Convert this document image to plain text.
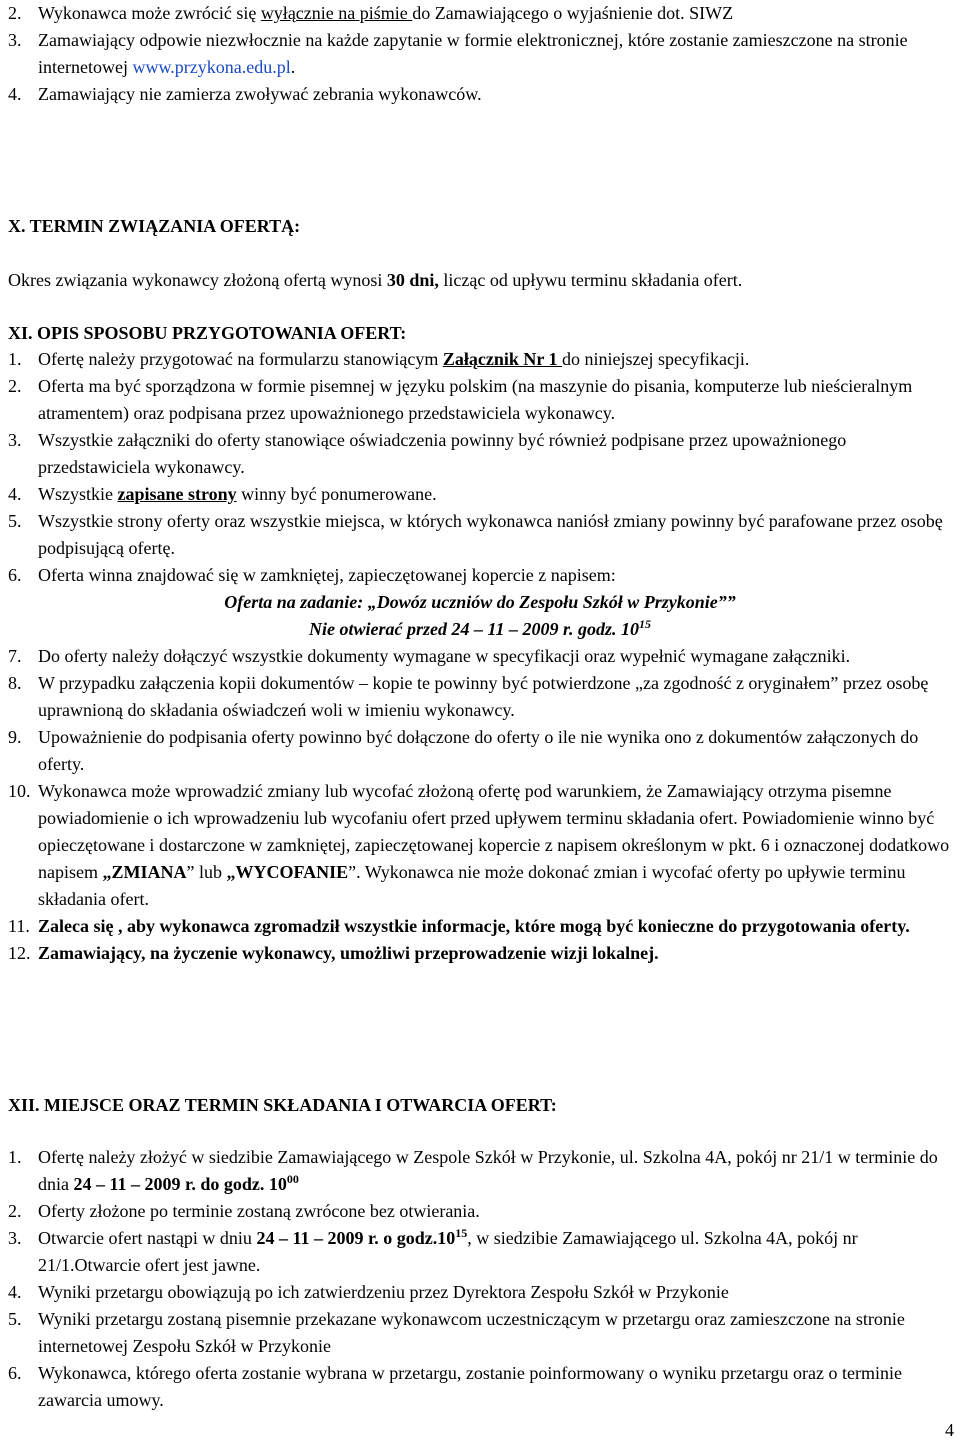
2. Wykonawca może zwrócić się wyłącznie na piśmie do Zamawiającego o wyjaśnienie dot. SIWZ
3. Zamawiający odpowie niezwłocznie na każde zapytanie w formie elektronicznej, które zostanie zamieszczone na stronie internetowej www.przykona.edu.pl.
4. Zamawiający nie zamierza zwoływać zebrania wykonawców.
X. TERMIN ZWIĄZANIA OFERTĄ:
Okres związania wykonawcy złożoną ofertą wynosi 30 dni, licząc od upływu terminu składania ofert.
XI. OPIS SPOSOBU PRZYGOTOWANIA OFERT:
1. Ofertę należy przygotować na formularzu stanowiącym Załącznik Nr 1 do niniejszej specyfikacji.
2. Oferta ma być sporządzona w formie pisemnej w języku polskim (na maszynie do pisania, komputerze lub nieścieralnym atramentem) oraz podpisana przez upoważnionego przedstawiciela wykonawcy.
3. Wszystkie załączniki do oferty stanowiące oświadczenia powinny być również podpisane przez upoważnionego przedstawiciela wykonawcy.
4. Wszystkie zapisane strony winny być ponumerowane.
5. Wszystkie strony oferty oraz wszystkie miejsca, w których wykonawca naniósł zmiany powinny być parafowane przez osobę podpisującą ofertę.
6. Oferta winna znajdować się w zamkniętej, zapieczętowanej kopercie z napisem:
Oferta na zadanie: „Dowóz uczniów do Zespołu Szkół w Przykonie””
Nie otwierać przed 24 – 11 – 2009 r. godz. $10^{15}$
7. Do oferty należy dołączyć wszystkie dokumenty wymagane w specyfikacji oraz wypełnić wymagane załączniki.
8. W przypadku załączenia kopii dokumentów – kopie te powinny być potwierdzone „za zgodność z oryginałem” przez osobę uprawnioną do składania oświadczeń woli w imieniu wykonawcy.
9. Upoważnienie do podpisania oferty powinno być dołączone do oferty o ile nie wynika ono z dokumentów załączonych do oferty.
10. Wykonawca może wprowadzić zmiany lub wycofać złożoną ofertę pod warunkiem, że Zamawiający otrzyma pisemne powiadomienie o ich wprowadzeniu lub wycofaniu ofert przed upływem terminu składania ofert. Powiadomienie winno być opieczętowane i dostarczone w zamkniętej, zapieczętowanej kopercie z napisem określonym w pkt. 6 i oznaczonej dodatkowo napisem „ZMIANA” lub „WYCOFANIE”. Wykonawca nie może dokonać zmian i wycofać oferty po upływie terminu składania ofert.
11. Zaleca się , aby wykonawca zgromadził wszystkie informacje, które mogą być konieczne do przygotowania oferty.
12. Zamawiający, na życzenie wykonawcy, umożliwi przeprowadzenie wizji lokalnej.
XII. MIEJSCE ORAZ TERMIN SKŁADANIA I OTWARCIA OFERT:
1. Ofertę należy złożyć w siedzibie Zamawiającego w Zespole Szkół w Przykonie, ul. Szkolna 4A, pokój nr 21/1 w terminie do dnia 24 – 11 – 2009 r. do godz. $10^{00}$
2. Oferty złożone po terminie zostaną zwrócone bez otwierania.
3. Otwarcie ofert nastąpi w dniu 24 – 11 – 2009 r. o $godz.10^{15}$, w siedzibie Zamawiającego ul. Szkolna 4A, pokój nr 21/1.Otwarcie ofert jest jawne.
4. Wyniki przetargu obowiązują po ich zatwierdzeniu przez Dyrektora Zespołu Szkół w Przykonie
5. Wyniki przetargu zostaną pisemnie przekazane wykonawcom uczestniczącym w przetargu oraz zamieszczone na stronie internetowej Zespołu Szkół w Przykonie
6. Wykonawca, którego oferta zostanie wybrana w przetargu, zostanie poinformowany o wyniku przetargu oraz o terminie zawarcia umowy.
4
